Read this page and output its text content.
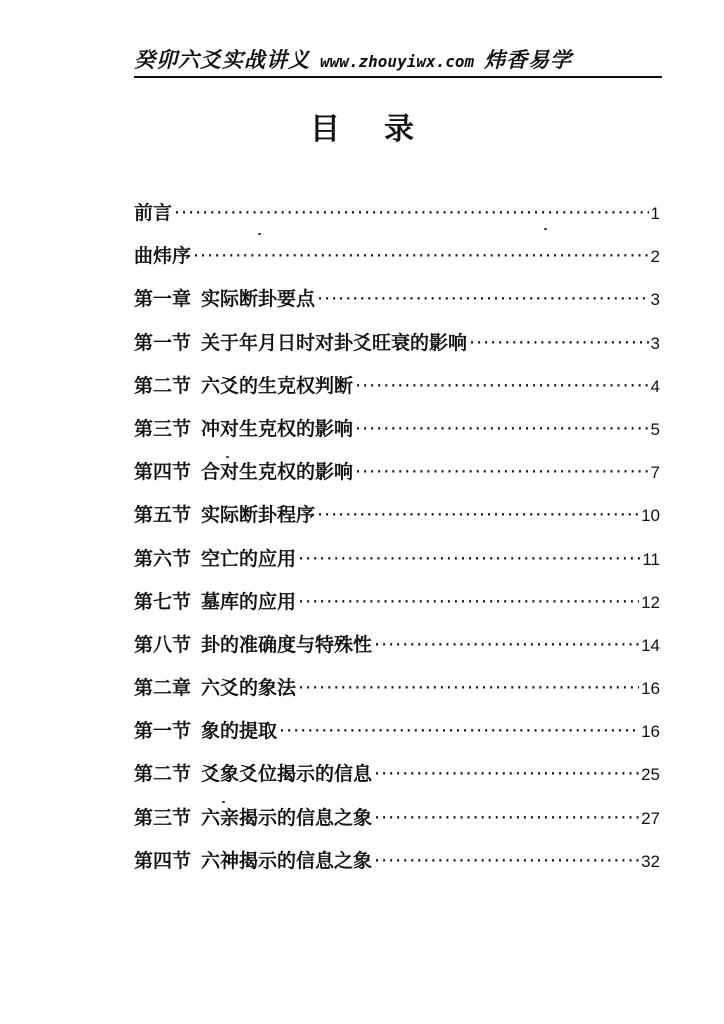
癸卯六爻实战讲义 www.zhouyiwx.com 炜香易学
目录
前言 ·····	1
曲炜序 ·····	2
第一章 实际断卦要点 ·····	3
第一节 关于年月日时对卦爻旺衰的影响 ·····	3
第二节 六爻的生克权判断 ·····	4
第三节 冲对生克权的影响 ·····	5
第四节 合对生克权的影响 ·····	7
第五节 实际断卦程序 ·····	10
第六节 空亡的应用 ·····	11
第七节 墓库的应用 ·····	12
第八节 卦的准确度与特殊性 ·····	14
第二章 六爻的象法 ·····	16
第一节 象的提取 ·····	16
第二节 爻象爻位揭示的信息 ·····	25
第三节 六亲揭示的信息之象 ·····	27
第四节 六神揭示的信息之象 ·····	32
